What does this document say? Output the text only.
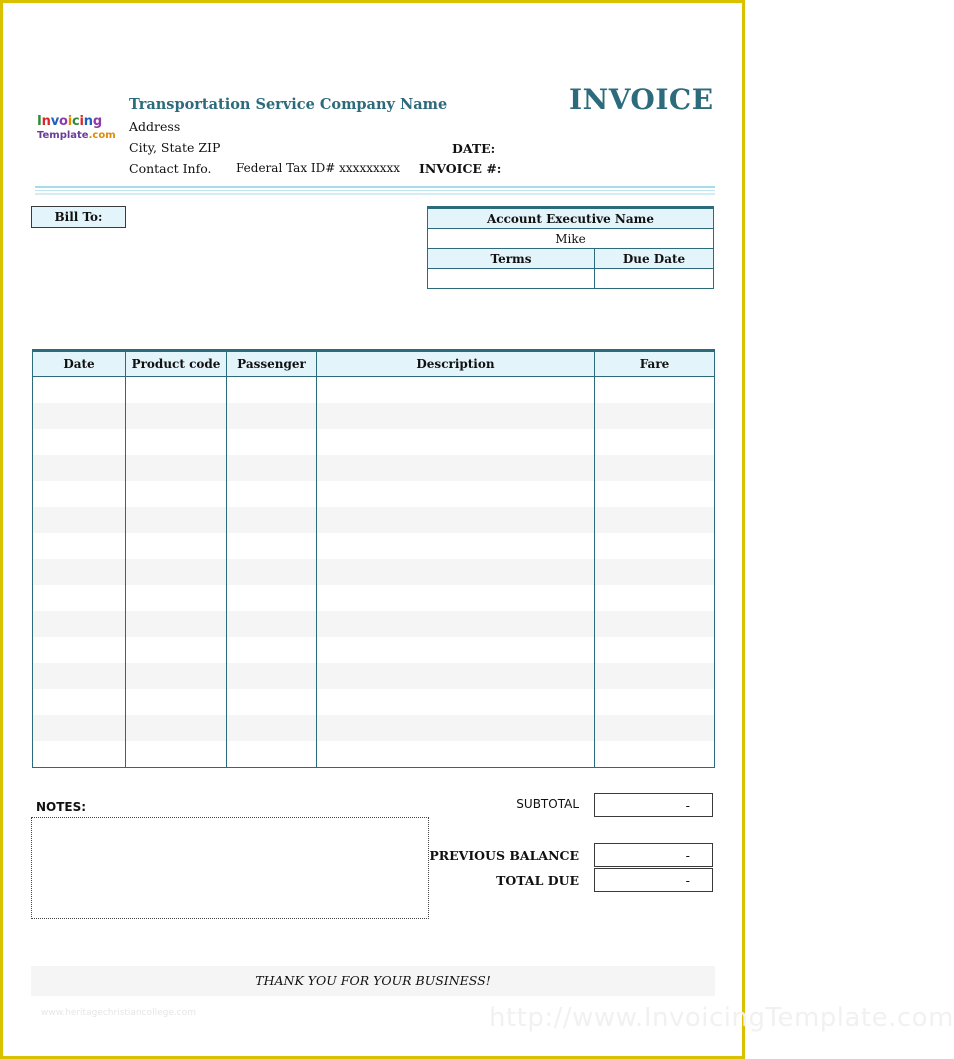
Invoicing
Template.com
Transportation Service Company Name
Address
City, State ZIP
Contact Info. Federal Tax ID# xxxxxxxxx
INVOICE
DATE:
INVOICE #:
Bill To:	Account Executive Name	
Mike	
Terms	Due Date

Date	Product code	Passenger	Description	Fare

NOTES:	SUBTOTAL	-
PREVIOUS BALANCE	-
TOTAL DUE	-
THANK YOU FOR YOUR BUSINESS!
www.heritagechristiancollege.com	http://www.InvoicingTemplate.com
